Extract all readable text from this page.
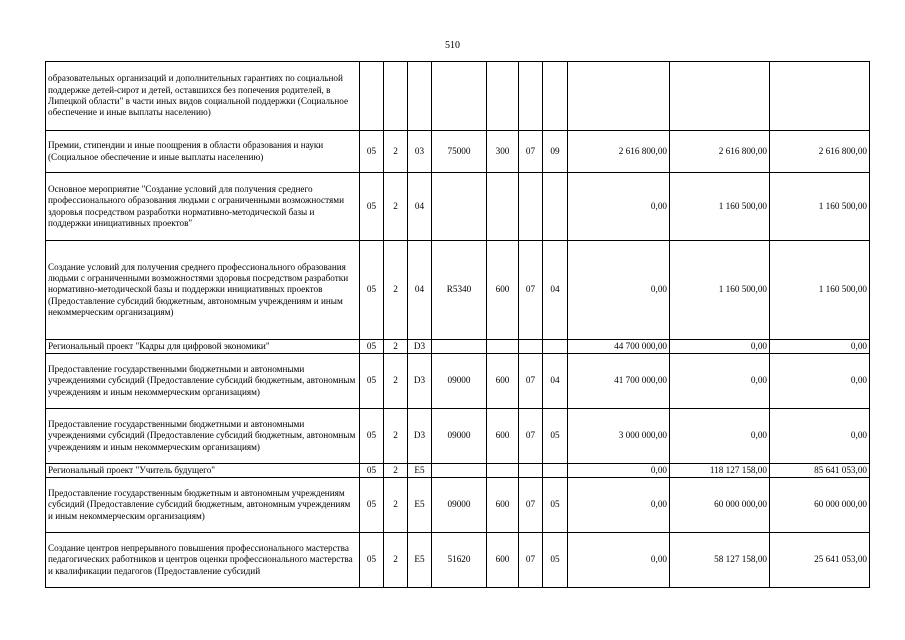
510
образовательных организаций и дополнительных гарантиях по социальной поддержке детей-сирот и детей, оставшихся без попечения родителей, в Липецкой области" в части иных видов социальной поддержки (Социальное обеспечение и иные выплаты населению)										
Премии, стипендии и иные поощрения в области образования и науки (Социальное обеспечение и иные выплаты населению)	05	2	03	75000	300	07	09	2 616 800,00	2 616 800,00	2 616 800,00
Основное мероприятие "Создание условий для получения среднего профессионального образования людьми с ограниченными возможностями здоровья посредством разработки нормативно-методической базы и поддержки инициативных проектов"	05	2	04					0,00	1 160 500,00	1 160 500,00
Создание условий для получения среднего профессионального образования людьми с ограниченными возможностями здоровья посредством разработки нормативно-методической базы и поддержки инициативных проектов (Предоставление субсидий бюджетным, автономным учреждениям и иным некоммерческим организациям)	05	2	04	R5340	600	07	04	0,00	1 160 500,00	1 160 500,00
Региональный проект "Кадры для цифровой экономики"	05	2	D3					44 700 000,00	0,00	0,00
Предоставление государственными бюджетными и автономными учреждениями субсидий (Предоставление субсидий бюджетным, автономным учреждениям и иным некоммерческим организациям)	05	2	D3	09000	600	07	04	41 700 000,00	0,00	0,00
Предоставление государственными бюджетными и автономными учреждениями субсидий (Предоставление субсидий бюджетным, автономным учреждениям и иным некоммерческим организациям)	05	2	D3	09000	600	07	05	3 000 000,00	0,00	0,00
Региональный проект "Учитель будущего"	05	2	E5					0,00	118 127 158,00	85 641 053,00
Предоставление государственным бюджетным и автономным учреждениям субсидий (Предоставление субсидий бюджетным, автономным учреждениям и иным некоммерческим организациям)	05	2	E5	09000	600	07	05	0,00	60 000 000,00	60 000 000,00
Создание центров непрерывного повышения профессионального мастерства педагогических работников и центров оценки профессионального мастерства и квалификации педагогов (Предоставление субсидий	05	2	E5	51620	600	07	05	0,00	58 127 158,00	25 641 053,00
